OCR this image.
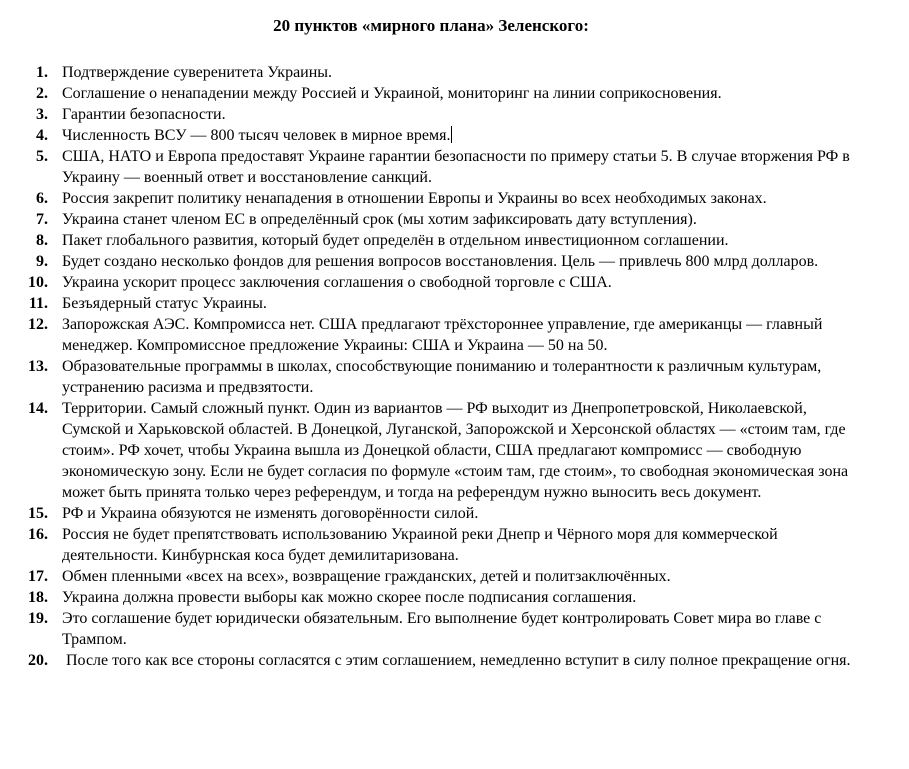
20 пунктов «мирного плана» Зеленского:
1. Подтверждение суверенитета Украины.
2. Соглашение о ненападении между Россией и Украиной, мониторинг на линии соприкосновения.
3. Гарантии безопасности.
4. Численность ВСУ — 800 тысяч человек в мирное время.
5. США, НАТО и Европа предоставят Украине гарантии безопасности по примеру статьи 5. В случае вторжения РФ в Украину — военный ответ и восстановление санкций.
6. Россия закрепит политику ненападения в отношении Европы и Украины во всех необходимых законах.
7. Украина станет членом ЕС в определённый срок (мы хотим зафиксировать дату вступления).
8. Пакет глобального развития, который будет определён в отдельном инвестиционном соглашении.
9. Будет создано несколько фондов для решения вопросов восстановления. Цель — привлечь 800 млрд долларов.
10. Украина ускорит процесс заключения соглашения о свободной торговле с США.
11. Безъядерный статус Украины.
12. Запорожская АЭС. Компромисса нет. США предлагают трёхстороннее управление, где американцы — главный менеджер. Компромиссное предложение Украины: США и Украина — 50 на 50.
13. Образовательные программы в школах, способствующие пониманию и толерантности к различным культурам, устранению расизма и предвзятости.
14. Территории. Самый сложный пункт. Один из вариантов — РФ выходит из Днепропетровской, Николаевской, Сумской и Харьковской областей. В Донецкой, Луганской, Запорожской и Херсонской областях — «стоим там, где стоим». РФ хочет, чтобы Украина вышла из Донецкой области, США предлагают компромисс — свободную экономическую зону. Если не будет согласия по формуле «стоим там, где стоим», то свободная экономическая зона может быть принята только через референдум, и тогда на референдум нужно выносить весь документ.
15. РФ и Украина обязуются не изменять договорённости силой.
16. Россия не будет препятствовать использованию Украиной реки Днепр и Чёрного моря для коммерческой деятельности. Кинбурнская коса будет демилитаризована.
17. Обмен пленными «всех на всех», возвращение гражданских, детей и политзаключённых.
18. Украина должна провести выборы как можно скорее после подписания соглашения.
19. Это соглашение будет юридически обязательным. Его выполнение будет контролировать Совет мира во главе с Трампом.
20. После того как все стороны согласятся с этим соглашением, немедленно вступит в силу полное прекращение огня.
